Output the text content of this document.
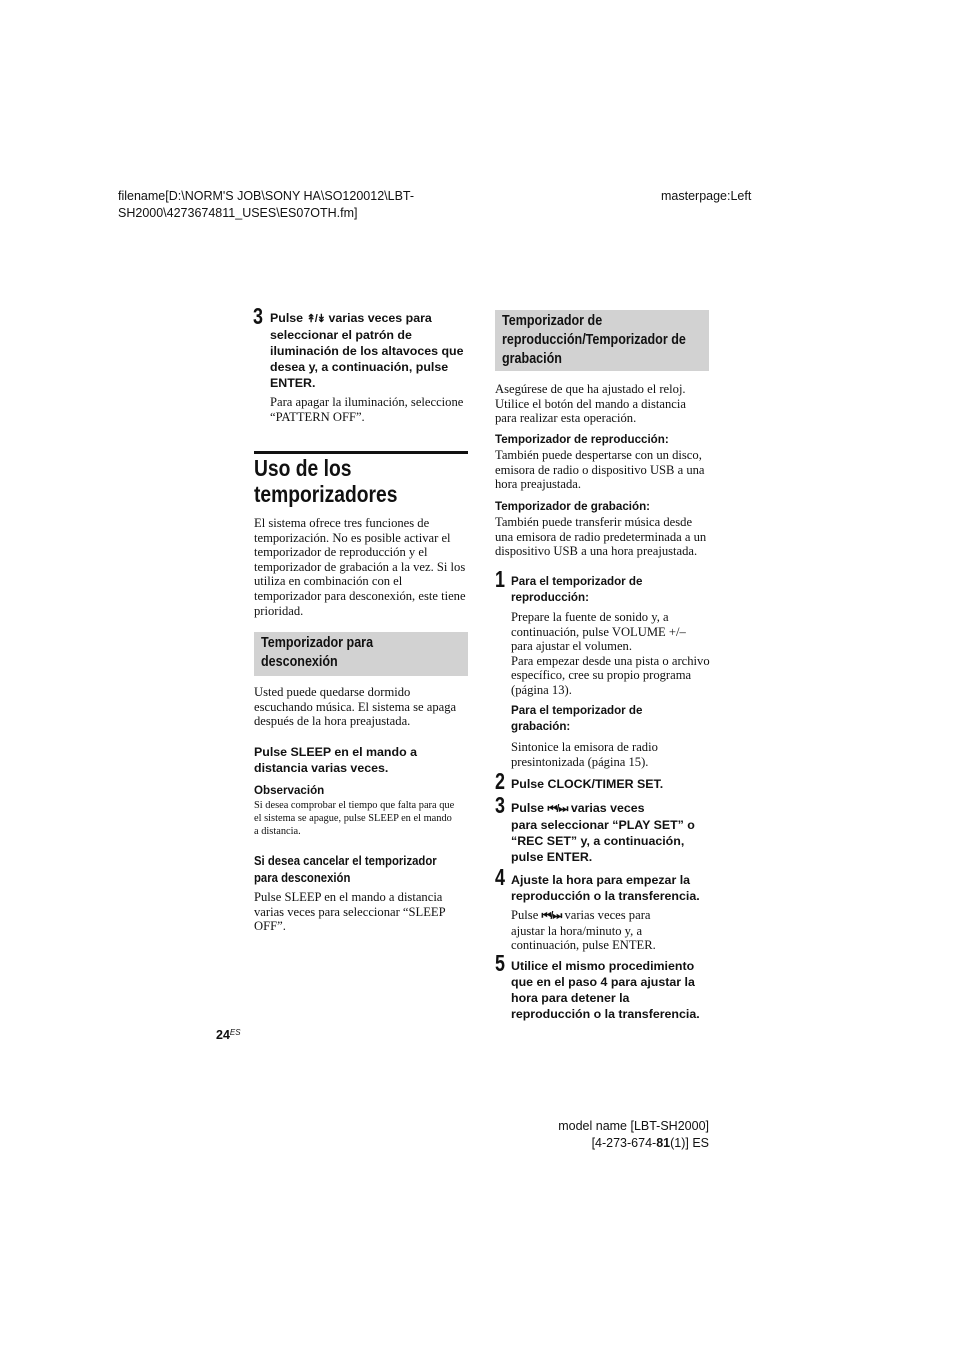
filename[D:\NORM'S JOB\SONY HA\SO120012\LBT-
SH2000\4273674811_USES\ES07OTH.fm]
masterpage:Left
3 Pulse ↟/↡ varias veces para
seleccionar el patrón de
iluminación de los altavoces que
desea y, a continuación, pulse
ENTER.
Para apagar la iluminación, seleccione
“PATTERN OFF”.
Uso de los
temporizadores
El sistema ofrece tres funciones de
temporización. No es posible activar el
temporizador de reproducción y el
temporizador de grabación a la vez. Si los
utiliza en combinación con el
temporizador para desconexión, este tiene
prioridad.
Temporizador para
desconexión
Usted puede quedarse dormido
escuchando música. El sistema se apaga
después de la hora preajustada.
Pulse SLEEP en el mando a
distancia varias veces.
Observación
Si desea comprobar el tiempo que falta para que
el sistema se apague, pulse SLEEP en el mando
a distancia.
Si desea cancelar el temporizador
para desconexión
Pulse SLEEP en el mando a distancia
varias veces para seleccionar “SLEEP
OFF”.
Temporizador de
reproducción/Temporizador de
grabación
Asegúrese de que ha ajustado el reloj.
Utilice el botón del mando a distancia
para realizar esta operación.
Temporizador de reproducción:
También puede despertarse con un disco,
emisora de radio o dispositivo USB a una
hora preajustada.
Temporizador de grabación:
También puede transferir música desde
una emisora de radio predeterminada a un
dispositivo USB a una hora preajustada.
1 Para el temporizador de
reproducción:
Prepare la fuente de sonido y, a
continuación, pulse VOLUME +/–
para ajustar el volumen.
Para empezar desde una pista o archivo
específico, cree su propio programa
(página 13).
Para el temporizador de
grabación:
Sintonice la emisora de radio
presintonizada (página 15).
2 Pulse CLOCK/TIMER SET.
3 Pulse ⏮/⏭ varias veces
para seleccionar “PLAY SET” o
“REC SET” y, a continuación,
pulse ENTER.
4 Ajuste la hora para empezar la
reproducción o la transferencia.
Pulse ⏮/⏭ varias veces para
ajustar la hora/minuto y, a
continuación, pulse ENTER.
5 Utilice el mismo procedimiento
que en el paso 4 para ajustar la
hora para detener la
reproducción o la transferencia.
$24^{ES}$
model name [LBT-SH2000]
[4-273-674-81(1)] ES
